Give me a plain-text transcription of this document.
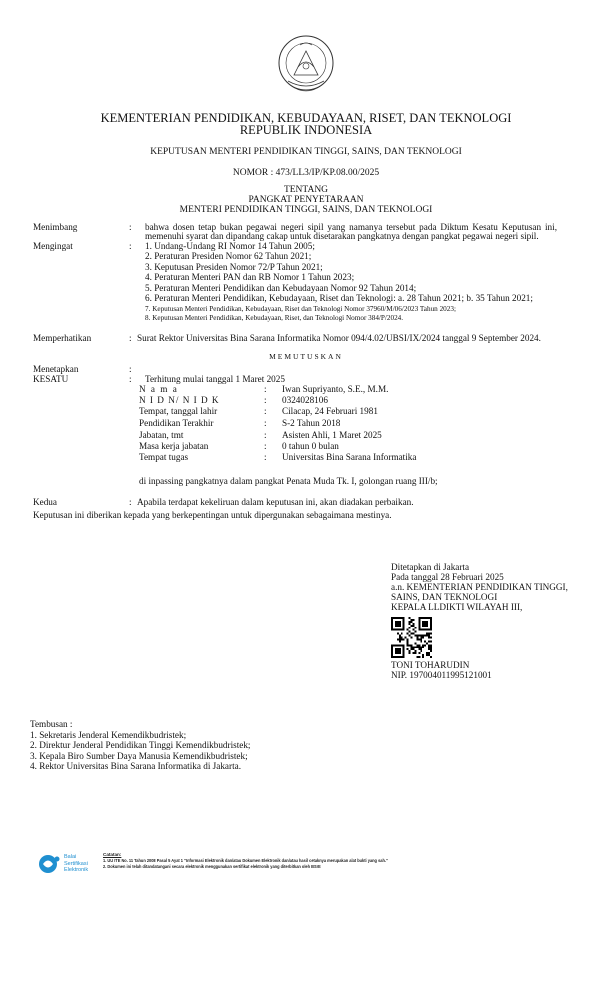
KEMENTERIAN PENDIDIKAN, KEBUDAYAAN, RISET, DAN TEKNOLOGI
REPUBLIK INDONESIA
KEPUTUSAN MENTERI PENDIDIKAN TINGGI, SAINS, DAN TEKNOLOGI
NOMOR : 473/LL3/IP/KP.08.00/2025
TENTANG
PANGKAT PENYETARAAN
MENTERI PENDIDIKAN TINGGI, SAINS, DAN TEKNOLOGI
Menimbang	: bahwa dosen tetap bukan pegawai negeri sipil yang namanya tersebut pada Diktum Kesatu Keputusan ini,
memenuhi syarat dan dipandang cakap untuk disetarakan pangkatnya dengan pangkat pegawai negeri sipil.
Mengingat	: 1. Undang-Undang RI Nomor 14 Tahun 2005;
2. Peraturan Presiden Nomor 62 Tahun 2021;
3. Keputusan Presiden Nomor 72/P Tahun 2021;
4. Peraturan Menteri PAN dan RB Nomor 1 Tahun 2023;
5. Peraturan Menteri Pendidikan dan Kebudayaan Nomor 92 Tahun 2014;
6. Peraturan Menteri Pendidikan, Kebudayaan, Riset dan Teknologi: a. 28 Tahun 2021; b. 35 Tahun 2021;
7. Keputusan Menteri Pendidikan, Kebudayaan, Riset dan Teknologi Nomor 37960/M/06/2023 Tahun 2023;
8. Keputusan Menteri Pendidikan, Kebudayaan, Riset, dan Teknologi Nomor 384/P/2024.
Memperhatikan	: Surat Rektor Universitas Bina Sarana Informatika Nomor 094/4.02/UBSI/IX/2024 tanggal 9 September 2024.
MEMUTUSKAN
Menetapkan	:
KESATU	: Terhitung mulai tanggal 1 Maret 2025
N a m a	: Iwan Supriyanto, S.E., M.M.
N I D N/ N I D K	: 0324028106
Tempat, tanggal lahir	: Cilacap, 24 Februari 1981
Pendidikan Terakhir	: S-2 Tahun 2018
Jabatan, tmt	: Asisten Ahli, 1 Maret 2025
Masa kerja jabatan	: 0 tahun 0 bulan
Tempat tugas	: Universitas Bina Sarana Informatika
di inpassing pangkatnya dalam pangkat Penata Muda Tk. I, golongan ruang III/b;
Kedua	: Apabila terdapat kekeliruan dalam keputusan ini, akan diadakan perbaikan.
Keputusan ini diberikan kepada yang berkepentingan untuk dipergunakan sebagaimana mestinya.
Ditetapkan di Jakarta
Pada tanggal 28 Februari 2025
a.n. KEMENTERIAN PENDIDIKAN TINGGI,
SAINS, DAN TEKNOLOGI
KEPALA LLDIKTI WILAYAH III,
TONI TOHARUDIN
NIP. 197004011995121001
Tembusan :
1. Sekretaris Jenderal Kemendikbudristek;
2. Direktur Jenderal Pendidikan Tinggi Kemendikbudristek;
3. Kepala Biro Sumber Daya Manusia Kemendikbudristek;
4. Rektor Universitas Bina Sarana Informatika di Jakarta.
Balai
Sertifikasi
Elektronik
Catatan:
1. UU ITE No. 11 Tahun 2008 Pasal 5 Ayat 1 "Informasi Elektronik dan/atau Dokumen Elektronik dan/atau hasil cetaknya merupakan alat bukti yang sah."
2. Dokumen ini telah ditandatangani secara elektronik menggunakan sertifikat elektronik yang diterbitkan oleh BSrE
